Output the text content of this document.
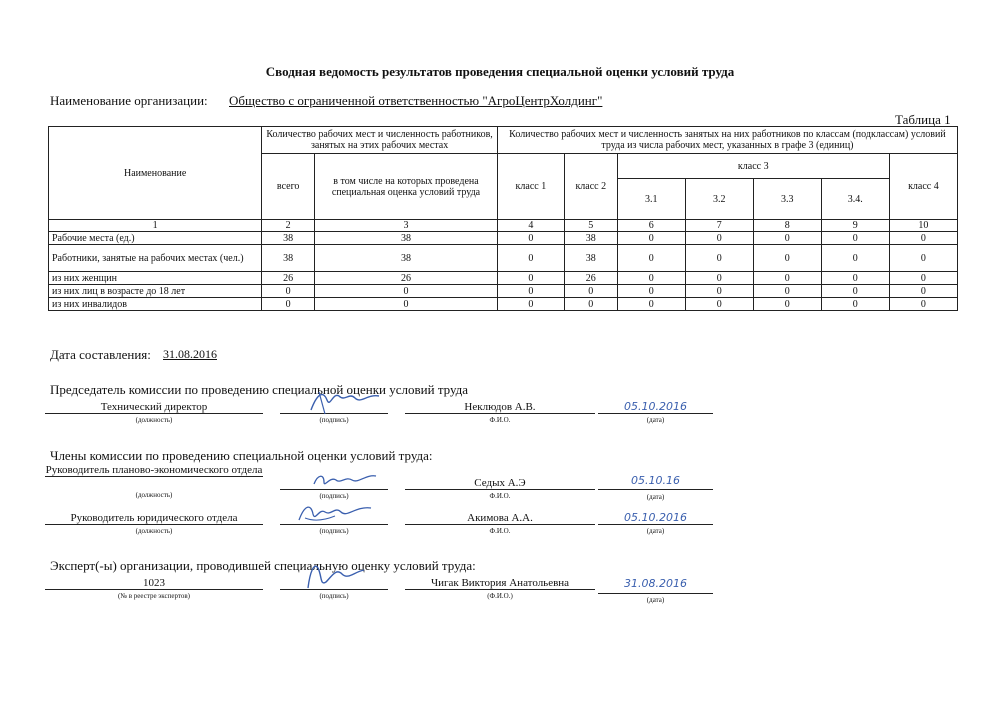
Сводная ведомость результатов проведения специальной оценки условий труда
Наименование организации: Общество с ограниченной ответственностью "АгроЦентрХолдинг"
Таблица 1
Наименование	Количество рабочих мест и численность работников, занятых на этих рабочих местах		Количество рабочих мест и численность занятых на них работников по классам (подклассам) условий труда из числа рабочих мест, указанных в графе 3 (единиц)						
	всего	в том числе на которых проведена специальная оценка условий труда	класс 1	класс 2	класс 3				класс 4
					3.1	3.2	3.3	3.4.	
1	2	3	4	5	6	7	8	9	10
Рабочие места (ед.)	38	38	0	38	0	0	0	0	0
Работники, занятые на рабочих местах (чел.)	38	38	0	38	0	0	0	0	0
из них женщин	26	26	0	26	0	0	0	0	0
из них лиц в возрасте до 18 лет	0	0	0	0	0	0	0	0	0
из них инвалидов	0	0	0	0	0	0	0	0	0
Дата составления: 31.08.2016
Председатель комиссии по проведению специальной оценки условий труда
Технический директор
(должность)	(подпись)
Неклюдов А.В.
Ф.И.О.
05.10.2016
(дата)
Члены комиссии по проведению специальной оценки условий труда:
Руководитель планово-экономического отдела
(должность)	(подпись)
Седых А.Э
Ф.И.О.
05.10.16
(дата)
Руководитель юридического отдела
(должность)	(подпись)
Акимова А.А.
Ф.И.О.
05.10.2016
(дата)
Эксперт(-ы) организации, проводившей специальную оценку условий труда:
1023
(№ в реестре экспертов)	(подпись)
Чигак Виктория Анатольевна
(Ф.И.О.)
31.08.2016
(дата)
